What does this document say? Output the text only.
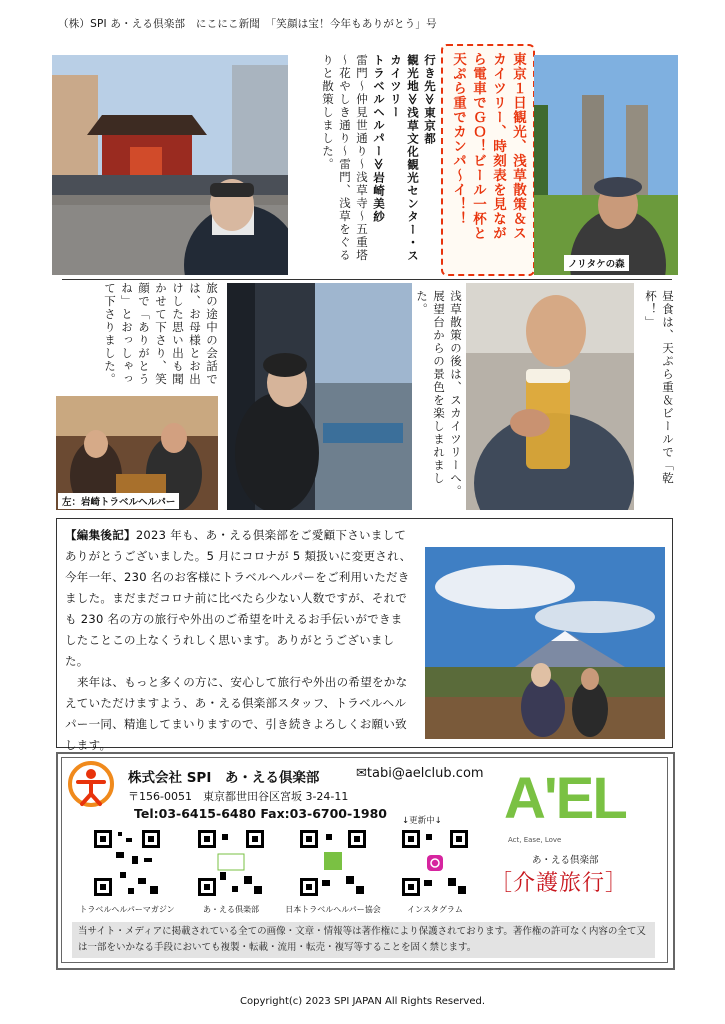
（株）SPI あ・える倶楽部　にこにこ新聞　「笑顔は宝！今年もありがとう」号
行き先≫東京都
観光地≫浅草文化観光センター・スカイツリー
トラベルヘルパー≫岩崎美紗
雷門～仲見世通り～浅草寺～五重塔～花やしき通り～雷門、浅草をぐるりと散策しました。	東京１日観光、浅草散策＆ス
カイツリー、時刻表を見なが
ら電車でＧＯ！ビール一杯と
天ぷら重でカンパ～イ！！
ノリタケの森
旅の途中の会話では、お母様とお出けした思い出も聞かせて下さり、笑顔で「ありがとうね」とおっしゃって下さりました。
左：岩崎トラベルヘルパー
浅草散策の後は、スカイツリーへ。展望台からの景色を楽しまれました。	昼食は、天ぷら重＆ビールで「乾杯！」
【編集後記】2023 年も、あ・える倶楽部をご愛顧下さいましてありがとうございました。5 月にコロナが 5 類扱いに変更され、今年一年、230 名のお客様にトラベルヘルパーをご利用いただきました。まだまだコロナ前に比べたら少ない人数ですが、それでも 230 名の方の旅行や外出のご希望を叶えるお手伝いができましたことこの上なくうれしく思います。ありがとうございました。
来年は、もっと多くの方に、安心して旅行や外出の希望をかなえていただけますよう、あ・える倶楽部スタッフ、トラベルヘルパー一同、精進してまいりますので、引き続きよろしくお願い致します。
株式会社 SPI　あ・える倶楽部	✉tabi@aelclub.com
〒156-0051　東京都世田谷区宮坂 3-24-11
Tel:03-6415-6480 Fax:03-6700-1980 ↓更新中↓
トラベルヘルパーマガジン	あ・える倶楽部	日本トラベルヘルパー協会	インスタグラム
A'EL
Act, Ease, Love
あ・える倶楽部
［介護旅行］
当サイト・メディアに掲載されている全ての画像・文章・情報等は著作権により保護されております。著作権の許可なく内容の全て又は一部をいかなる手段においても複製・転載・流用・転売・複写等することを固く禁じます。
Copyright(c) 2023 SPI JAPAN All Rights Reserved.
